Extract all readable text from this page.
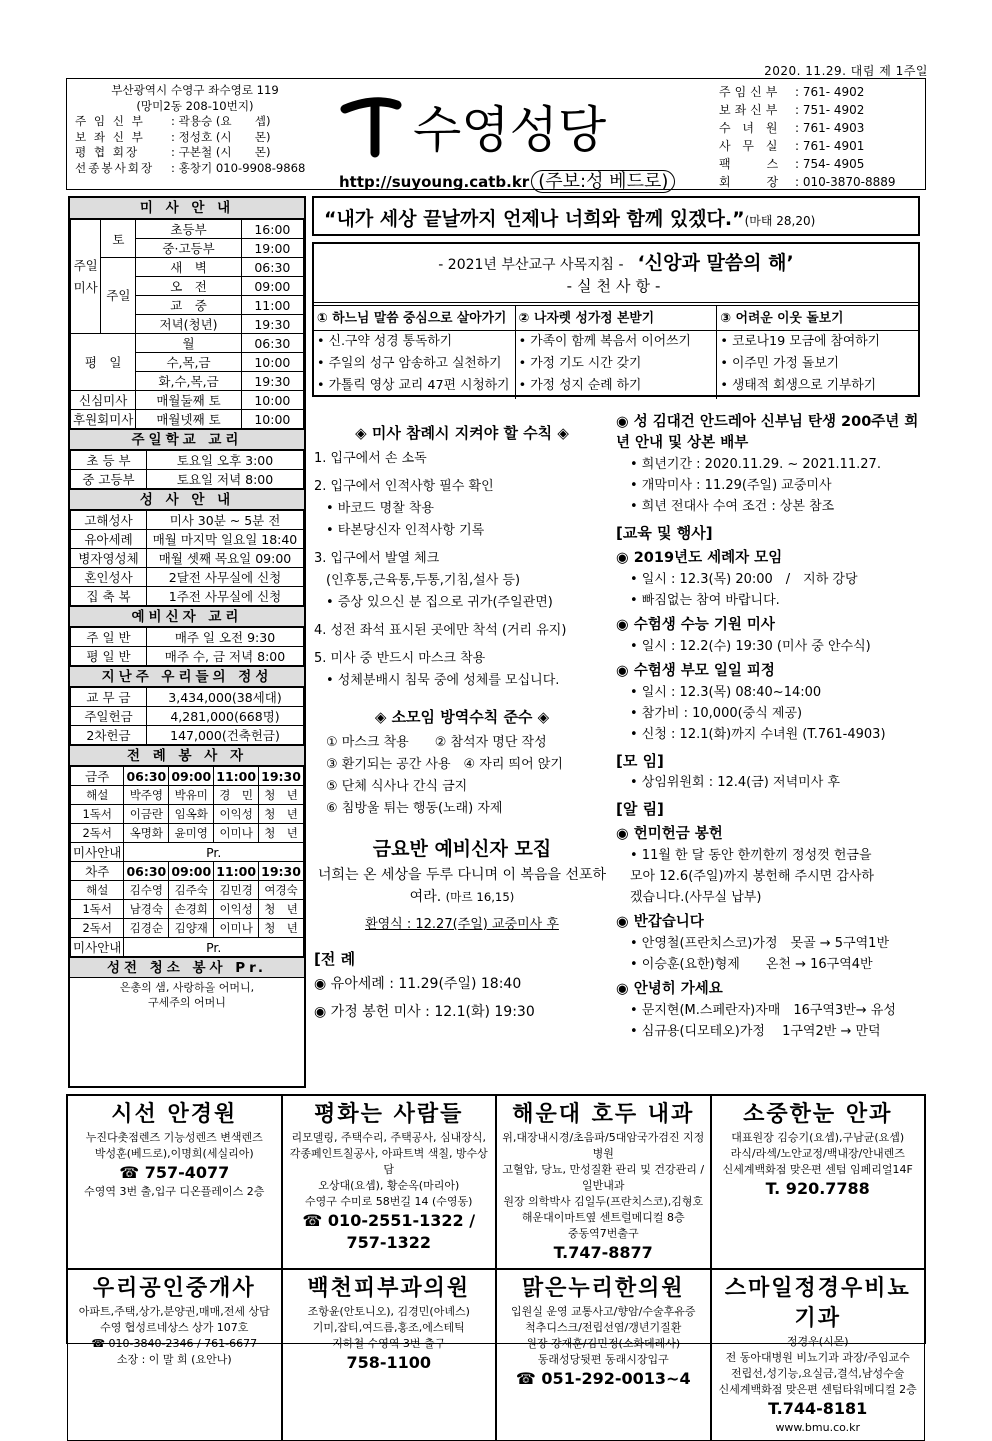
2020. 11.29. 대림 제 1주일
부산광역시 수영구 좌수영로 119
(망미2동 208-10번지)
주 임 신 부	: 곽용승 (요　　셉)
보 좌 신 부	: 정성호 (시　　몬)
평 협 회장	: 구본철 (시　　몬)
선종봉사회장	: 홍창기 010-9908-9868
수영성당
http://suyoung.catb.kr (주보:성 베드로)
주임신부	: 761- 4902
보좌신부	: 751- 4902
수 녀 원	: 761- 4903
사 무 실	: 761- 4901
팩　　스	: 754- 4905
회　　장	: 010-3870-8889
미 사 안 내
주일미사	토	초등부	16:00
		중·고등부	19:00
	주일	새　벽	06:30
		오　전	09:00
		교　중	11:00
		저녁(청년)	19:30
평　일		월	06:30
		수,목,금	10:00
		화,수,목,금	19:30
신심미사		매월둘째 토	10:00
후원회미사		매월넷째 토	10:00
주일학교 교리
초 등 부	토요일 오후 3:00
중 고등부	토요일 저녁 8:00
성 사 안 내
고해성사	미사 30분 ~ 5분 전
유아세례	매월 마지막 일요일 18:40
병자영성체	매월 셋째 목요일 09:00
혼인성사	2달전 사무실에 신청
집 축 복	1주전 사무실에 신청
예비신자 교리
주 일 반	매주 일 오전 9:30
평 일 반	매주 수, 금 저녁 8:00
지난주 우리들의 정성
교 무 금	3,434,000(38세대)
주일헌금	4,281,000(668명)
2차헌금	147,000(건축헌금)
전 례 봉 사 자
금주	06:30	09:00	11:00	19:30
해설	박주영	박유미	경　민	청　년
1독서	이금란	임옥화	이익성	청　년
2독서	옥명화	윤미영	이미나	청　년
미사안내	Pr.			
차주	06:30	09:00	11:00	19:30
해설	김수영	김주숙	김민경	여경숙
1독서	남경숙	손경희	이익성	청　년
2독서	김경순	김양재	이미나	청　년
미사안내	Pr.			
성전 청소 봉사 Pr.
은총의 샘, 사랑하올 어머니,
구세주의 어머니
“내가 세상 끝날까지 언제나 너희와 함께 있겠다.”(마태 28,20)
- 2021년 부산교구 사목지침 -　 ‘신앙과 말씀의 해’
-실천사항-
① 하느님 말씀 중심으로 살아가기
• 신.구약 성경 통독하기
• 주일의 성구 암송하고 실천하기
• 가톨릭 영상 교리 47편 시청하기
② 나자렛 성가정 본받기
• 가족이 함께 복음서 이어쓰기
• 가정 기도 시간 갖기
• 가정 성지 순례 하기
③ 어려운 이웃 돌보기
• 코로나19 모금에 참여하기
• 이주민 가정 돌보기
• 생태적 회생으로 기부하기
◈ 미사 참례시 지켜야 할 수칙 ◈
1. 입구에서 손 소독
2. 입구에서 인적사항 필수 확인
• 바코드 명찰 착용
• 타본당신자 인적사항 기록
3. 입구에서 발열 체크
(인후통,근육통,두통,기침,설사 등)
• 증상 있으신 분 집으로 귀가(주일관면)
4. 성전 좌석 표시된 곳에만 착석 (거리 유지)
5. 미사 중 반드시 마스크 착용
• 성체분배시 침묵 중에 성체를 모십니다.
◈ 소모임 방역수칙 준수 ◈
① 마스크 착용　　② 참석자 명단 작성
③ 환기되는 공간 사용　④ 자리 띄어 앉기
⑤ 단체 식사나 간식 금지
⑥ 침방울 튀는 행동(노래) 자제
금요반 예비신자 모집
너희는 온 세상을 두루 다니며 이 복음을 선포하여라. (마르 16,15)
환영식 : 12.27(주일) 교중미사 후
[전 례
◉ 유아세례 : 11.29(주일) 18:40
◉ 가정 봉헌 미사 : 12.1(화) 19:30
◉ 성 김대건 안드레아 신부님 탄생 200주년 희년 안내 및 상본 배부
• 희년기간 : 2020.11.29. ~ 2021.11.27.
• 개막미사 : 11.29(주일) 교중미사
• 희년 전대사 수여 조건 : 상본 참조
[교육 및 행사]
◉ 2019년도 세례자 모임
• 일시 : 12.3(목) 20:00　/　지하 강당
• 빠짐없는 참여 바랍니다.
◉ 수험생 수능 기원 미사
• 일시 : 12.2(수) 19:30 (미사 중 안수식)
◉ 수험생 부모 일일 피정
• 일시 : 12.3(목) 08:40~14:00
• 참가비 : 10,000(중식 제공)
• 신청 : 12.1(화)까지 수녀원 (T.761-4903)
[모 임]
• 상임위원회 : 12.4(금) 저녁미사 후
[알 림]
◉ 헌미헌금 봉헌
• 11월 한 달 동안 한끼한끼 정성껏 헌금을
모아 12.6(주일)까지 봉헌해 주시면 감사하
겠습니다.(사무실 납부)
◉ 반갑습니다
• 안영철(프란치스코)가정　못골 → 5구역1반
• 이승훈(요한)형제　　온천 → 16구역4반
◉ 안녕히 가세요
• 문지현(M.스페란자)자매　16구역3반→ 유성
• 심규용(디모테오)가정　 1구역2반 → 만덕
시선 안경원
누진다촛점렌즈 기능성렌즈 변색렌즈
박성훈(베드로),이명희(세실리아)
☎ 757-4077
수영역 3번 출,입구 디온플레이스 2층
평화는 사람들
리모델링, 주택수리, 주택공사, 심내장식,
각종페인트칠공사, 아파트벽 색칠, 방수상담
오상대(요셉), 황순옥(마리아)
수영구 수미로 58번길 14 (수영동)
☎ 010-2551-1322 / 757-1322
해운대 호두 내과
위,대장내시경/초음파/5대암국가검진 지정병원
고혈압, 당뇨, 만성질환 관리 및 건강관리 / 일반내과
원장 의학박사 김일두(프란치스코),김형호
해운대이마트옆 센트럴메디컬 8층
중동역7번출구
T.747-8877
소중한눈 안과
대표원장 김승기(요셉),구남균(요셉)
라식/라섹/노안교정/백내장/안내렌즈
신세계백화점 맞은편 센텀 임페리얼14F
T. 920.7788
우리공인중개사
아파트,주택,상가,분양권,매매,전세 상담
수영 협성르네상스 상가 107호
☎ 010-3840-2346 / 761-6677
소장 : 이 말 희 (요안나)
백천피부과의원
조항윤(안토니오), 김경민(아녜스)
기미,잡티,여드름,홍조,에스테틱
지하철 수영역 3번 출구
758-1100
맑은누리한의원
입원실 운영 교통사고/향암/수술후유증
척추디스크/전립선염/갱년기질환
원장 강재훈/김민정(소화데레사)
동래성당뒷편 동래시장입구
☎ 051-292-0013~4
스마일정경우비뇨기과
정경우(시몬)
전 동아대병원 비뇨기과 과장/주임교수
전립선,성기능,요실금,결석,남성수술
신세계백화점 맞은편 센텀타워메디컬 2층
T.744-8181
www.bmu.co.kr
